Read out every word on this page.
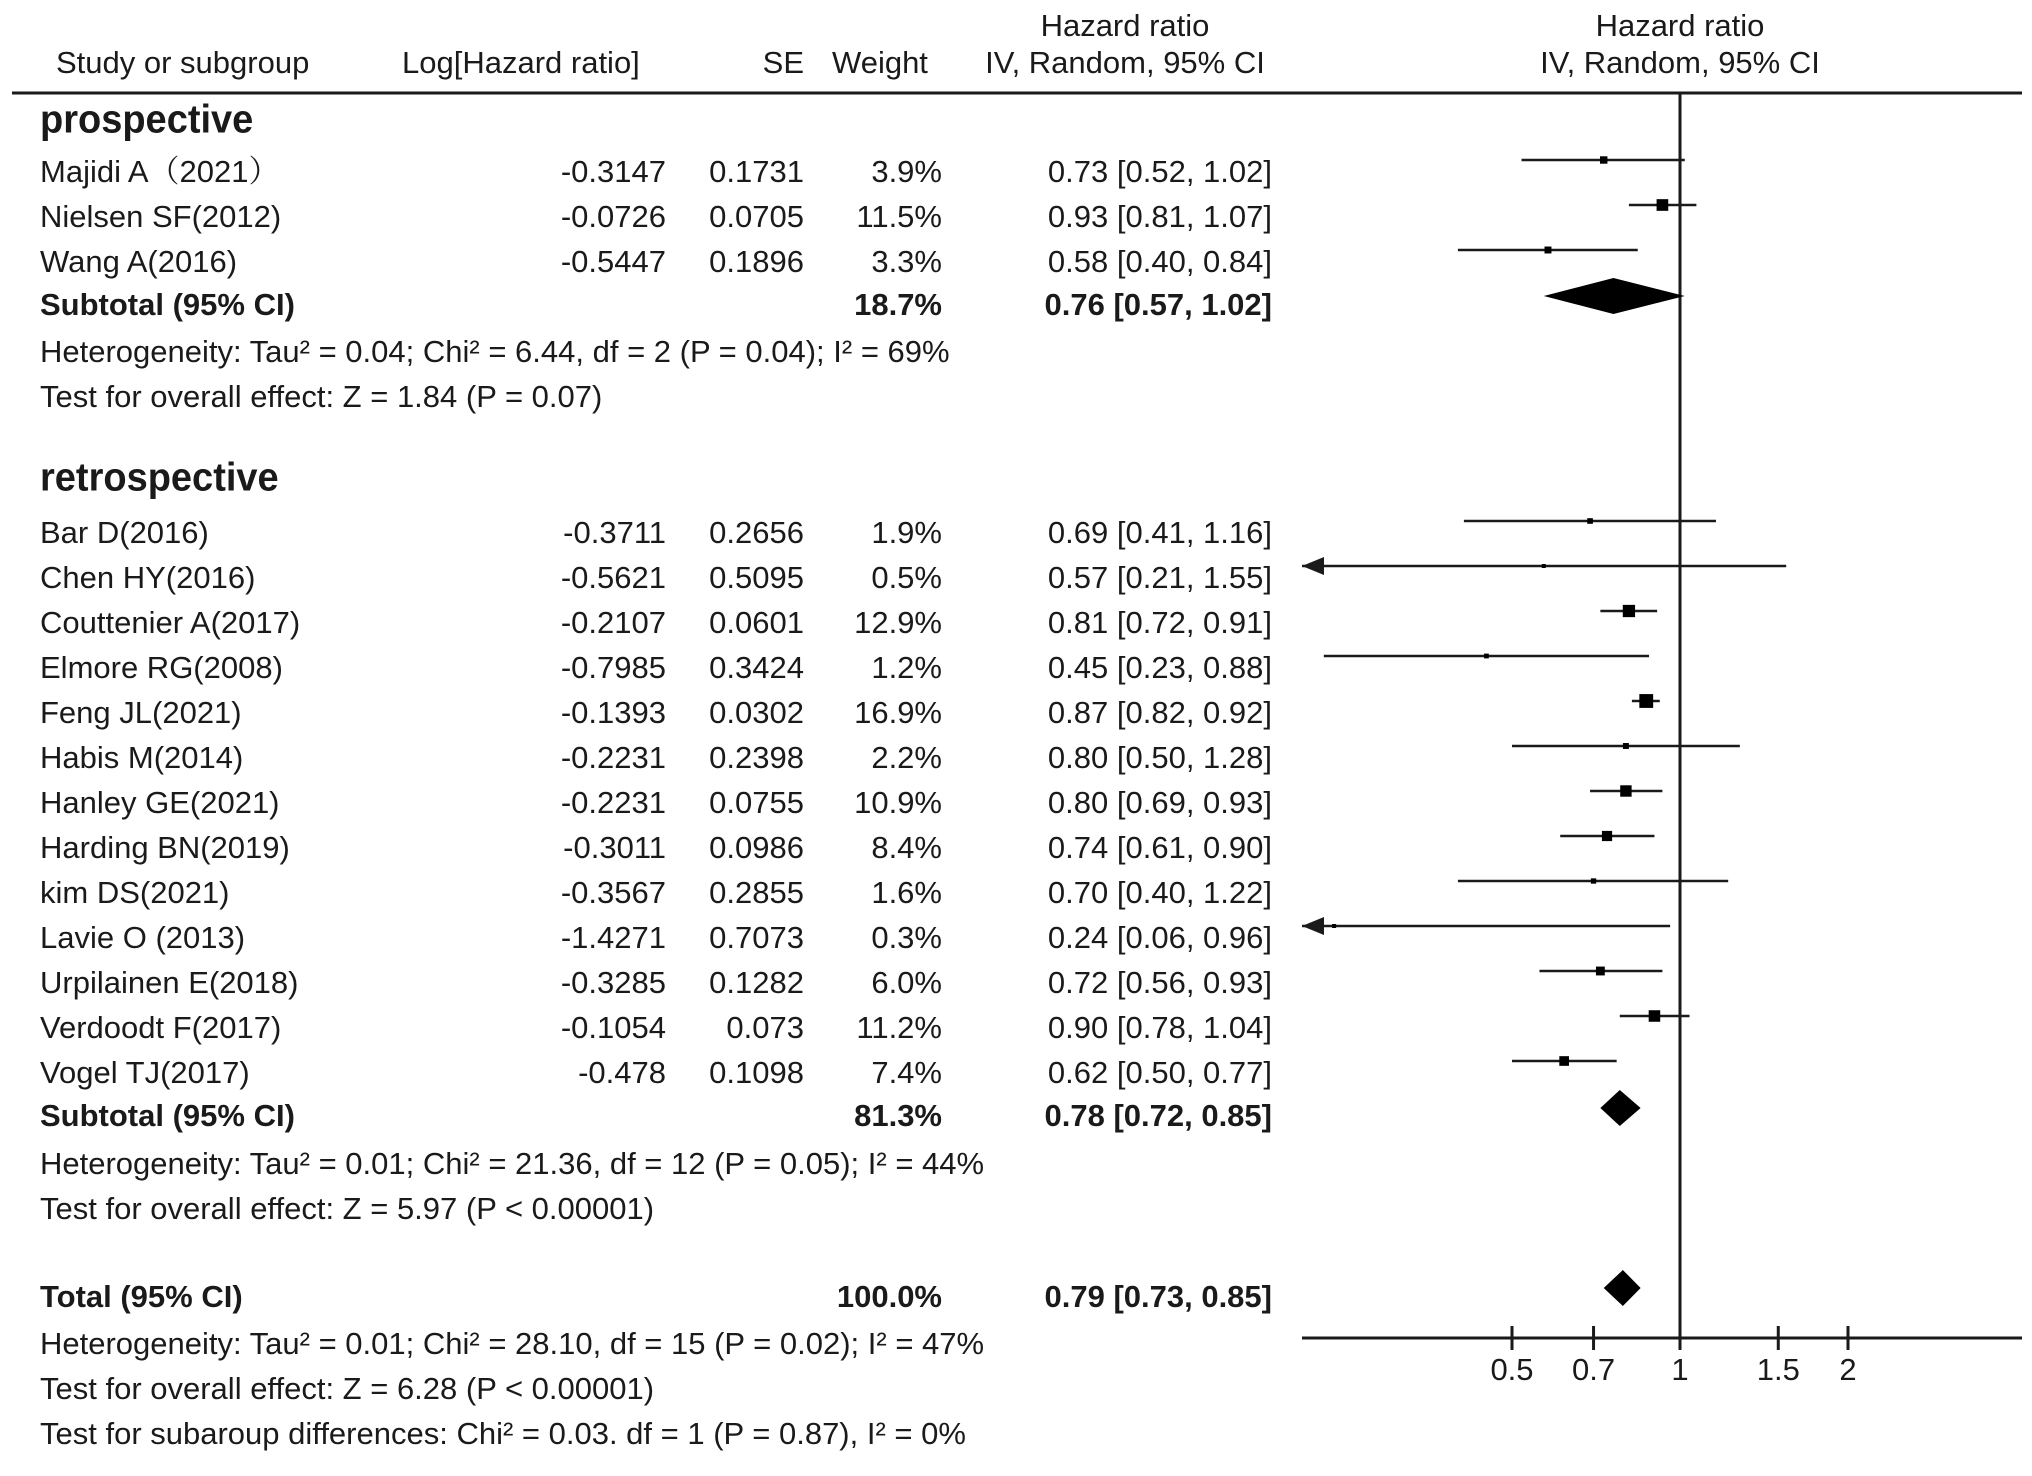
Study or subgroup	Log[Hazard ratio]	SE Weight
Hazard ratio
IV, Random, 95% CI
Hazard ratio
IV, Random, 95% CI
prospective
Majidi A（2021）	-0.3147	0.1731	3.9%	0.73 [0.52, 1.02]
Nielsen SF(2012)	-0.0726	0.0705	11.5%	0.93 [0.81, 1.07]
Wang A(2016)	-0.5447	0.1896	3.3%	0.58 [0.40, 0.84]
Subtotal (95% CI)	18.7%	0.76 [0.57, 1.02]
Heterogeneity: Tau² = 0.04; Chi² = 6.44, df = 2 (P = 0.04); I² = 69%
Test for overall effect: Z = 1.84 (P = 0.07)
retrospective
Bar D(2016)	-0.3711	0.2656	1.9%	0.69 [0.41, 1.16]
Chen HY(2016)	-0.5621	0.5095	0.5%	0.57 [0.21, 1.55]
Couttenier A(2017)	-0.2107	0.0601	12.9%	0.81 [0.72, 0.91]
Elmore RG(2008)	-0.7985	0.3424	1.2%	0.45 [0.23, 0.88]
Feng JL(2021)	-0.1393	0.0302	16.9%	0.87 [0.82, 0.92]
Habis M(2014)	-0.2231	0.2398	2.2%	0.80 [0.50, 1.28]
Hanley GE(2021)	-0.2231	0.0755	10.9%	0.80 [0.69, 0.93]
Harding BN(2019)	-0.3011	0.0986	8.4%	0.74 [0.61, 0.90]
kim DS(2021)	-0.3567	0.2855	1.6%	0.70 [0.40, 1.22]
Lavie O (2013)	-1.4271	0.7073	0.3%	0.24 [0.06, 0.96]
Urpilainen E(2018)	-0.3285	0.1282	6.0%	0.72 [0.56, 0.93]
Verdoodt F(2017)	-0.1054	0.073	11.2%	0.90 [0.78, 1.04]
Vogel TJ(2017)	-0.478	0.1098	7.4%	0.62 [0.50, 0.77]
Subtotal (95% CI)	81.3%	0.78 [0.72, 0.85]
Heterogeneity: Tau² = 0.01; Chi² = 21.36, df = 12 (P = 0.05); I² = 44%
Test for overall effect: Z = 5.97 (P < 0.00001)
Total (95% CI)	100.0%	0.79 [0.73, 0.85]
Heterogeneity: Tau² = 0.01; Chi² = 28.10, df = 15 (P = 0.02); I² = 47%
Test for overall effect: Z = 6.28 (P < 0.00001)
Test for subaroup differences: Chi² = 0.03. df = 1 (P = 0.87), I² = 0%
0.5 0.7 1 1.5 2
